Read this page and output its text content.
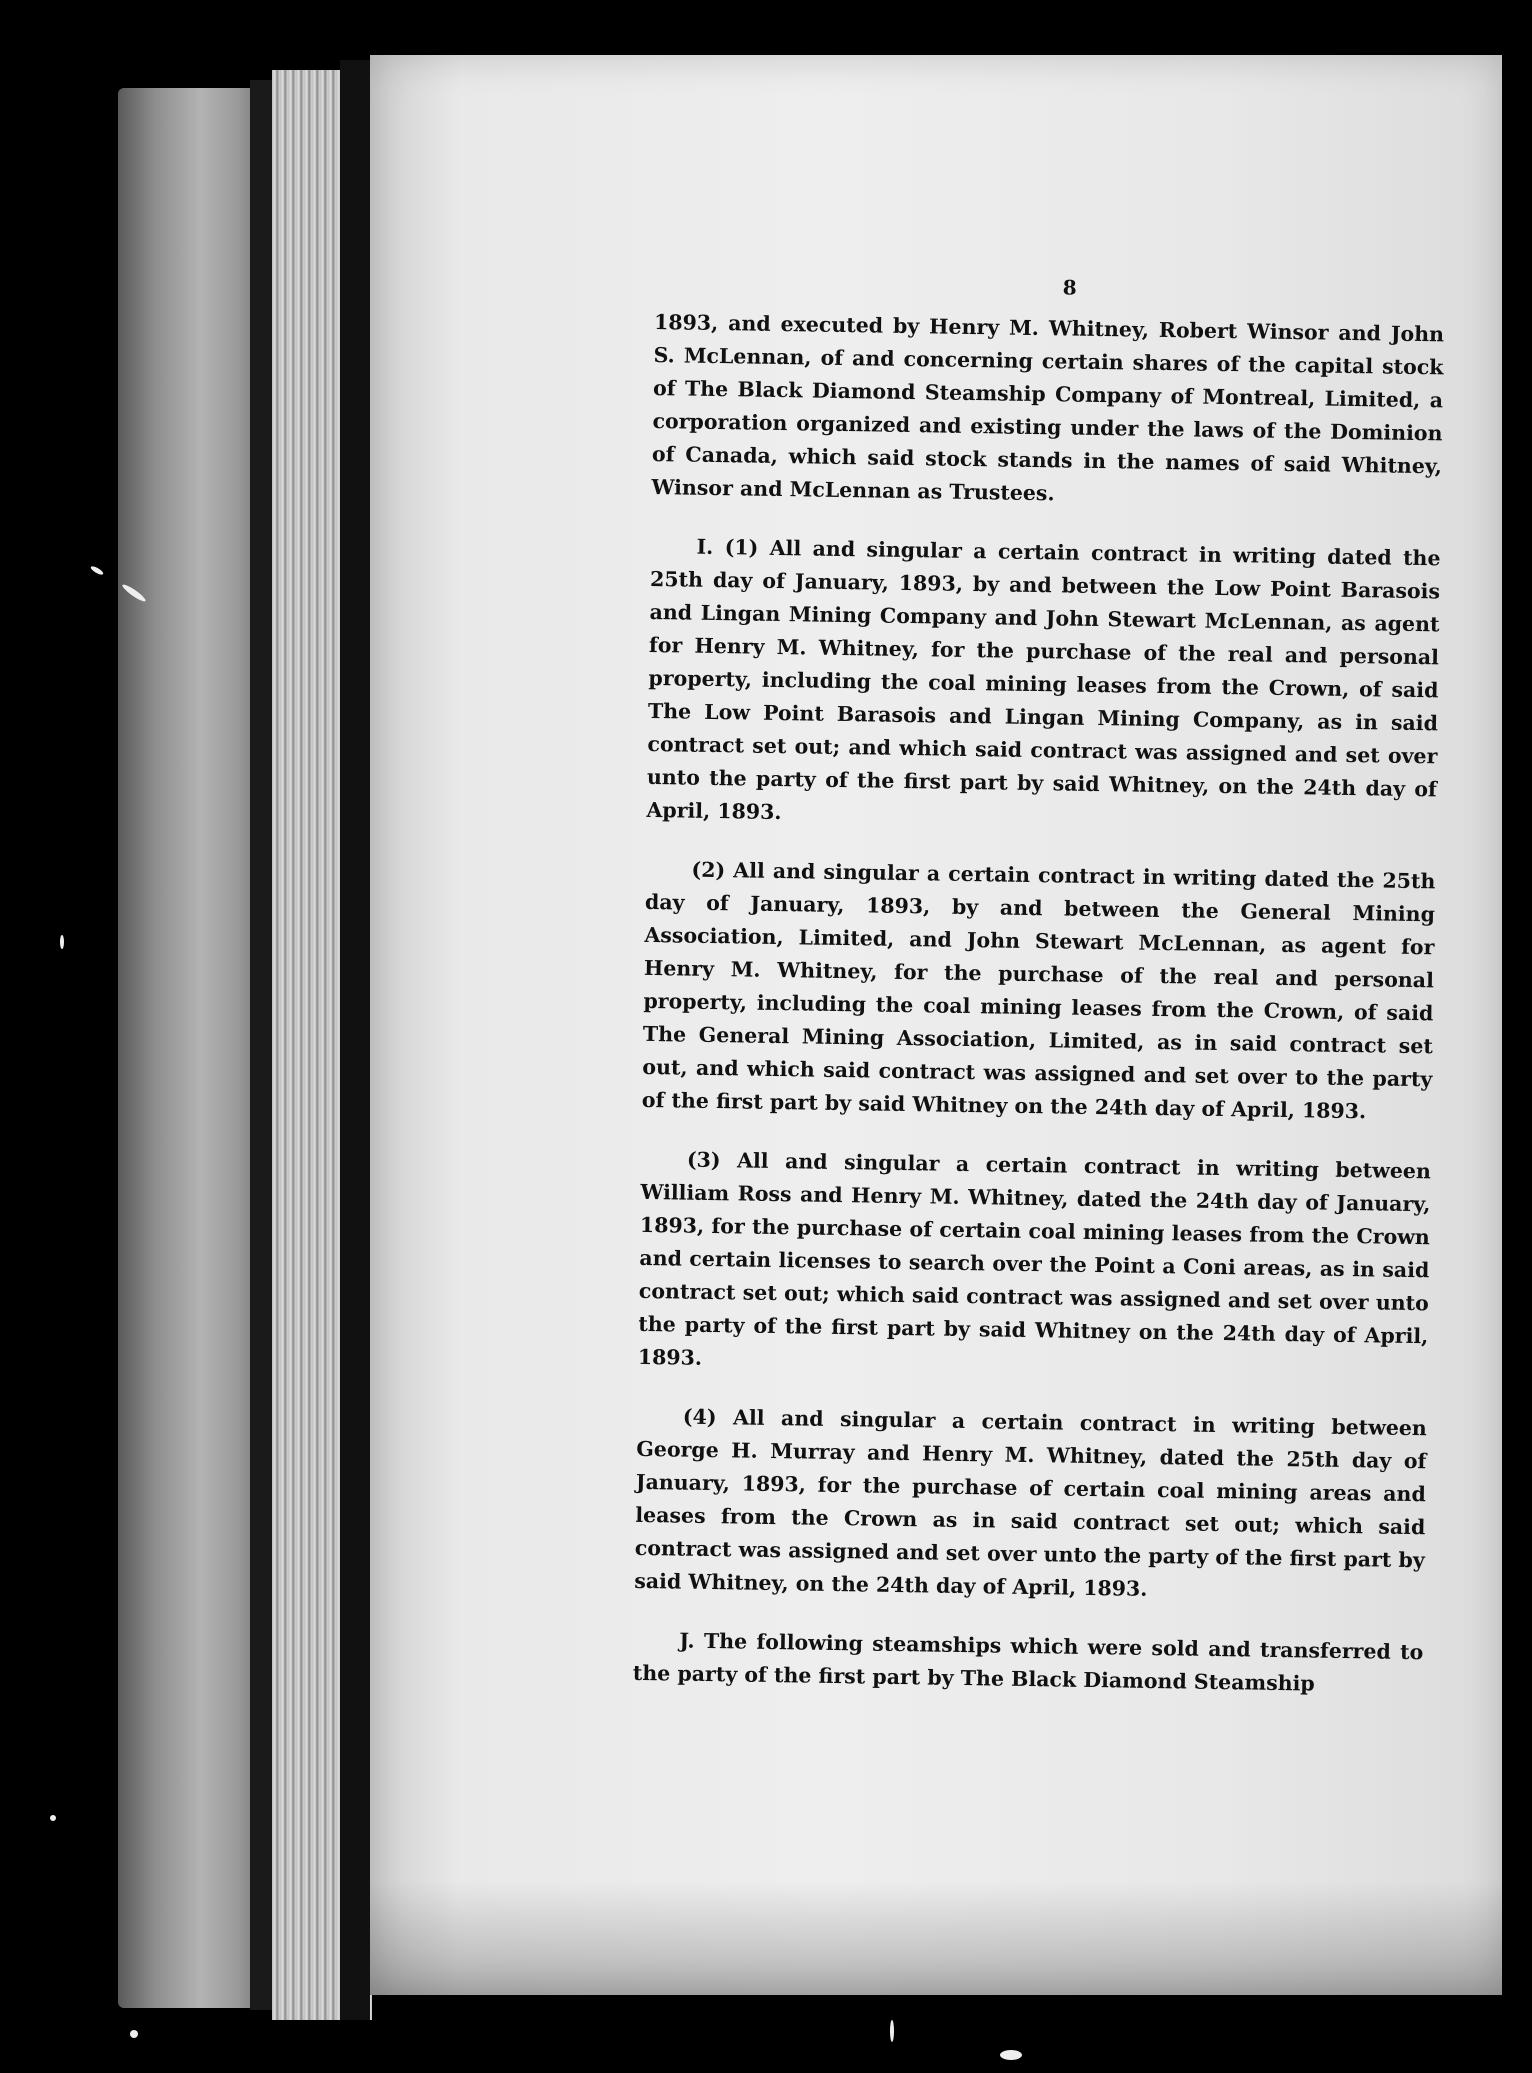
8

1893, and executed by Henry M. Whitney, Robert Winsor and John S. McLennan, of and concerning certain shares of the capital stock of The Black Diamond Steamship Company of Montreal, Limited, a corporation organized and existing under the laws of the Dominion of Canada, which said stock stands in the names of said Whitney, Winsor and McLennan as Trustees.

I. (1) All and singular a certain contract in writing dated the 25th day of January, 1893, by and between the Low Point Barasois and Lingan Mining Company and John Stewart McLennan, as agent for Henry M. Whitney, for the purchase of the real and personal property, including the coal mining leases from the Crown, of said The Low Point Barasois and Lingan Mining Company, as in said contract set out; and which said contract was assigned and set over unto the party of the first part by said Whitney, on the 24th day of April, 1893.

(2) All and singular a certain contract in writing dated the 25th day of January, 1893, by and between the General Mining Association, Limited, and John Stewart McLennan, as agent for Henry M. Whitney, for the purchase of the real and personal property, including the coal mining leases from the Crown, of said The General Mining Association, Limited, as in said contract set out, and which said contract was assigned and set over to the party of the first part by said Whitney on the 24th day of April, 1893.

(3) All and singular a certain contract in writing between William Ross and Henry M. Whitney, dated the 24th day of January, 1893, for the purchase of certain coal mining leases from the Crown and certain licenses to search over the Point a Coni areas, as in said contract set out; which said contract was assigned and set over unto the party of the first part by said Whitney on the 24th day of April, 1893.

(4) All and singular a certain contract in writing between George H. Murray and Henry M. Whitney, dated the 25th day of January, 1893, for the purchase of certain coal mining areas and leases from the Crown as in said contract set out; which said contract was assigned and set over unto the party of the first part by said Whitney, on the 24th day of April, 1893.

J. The following steamships which were sold and transferred to the party of the first part by The Black Diamond Steamship
